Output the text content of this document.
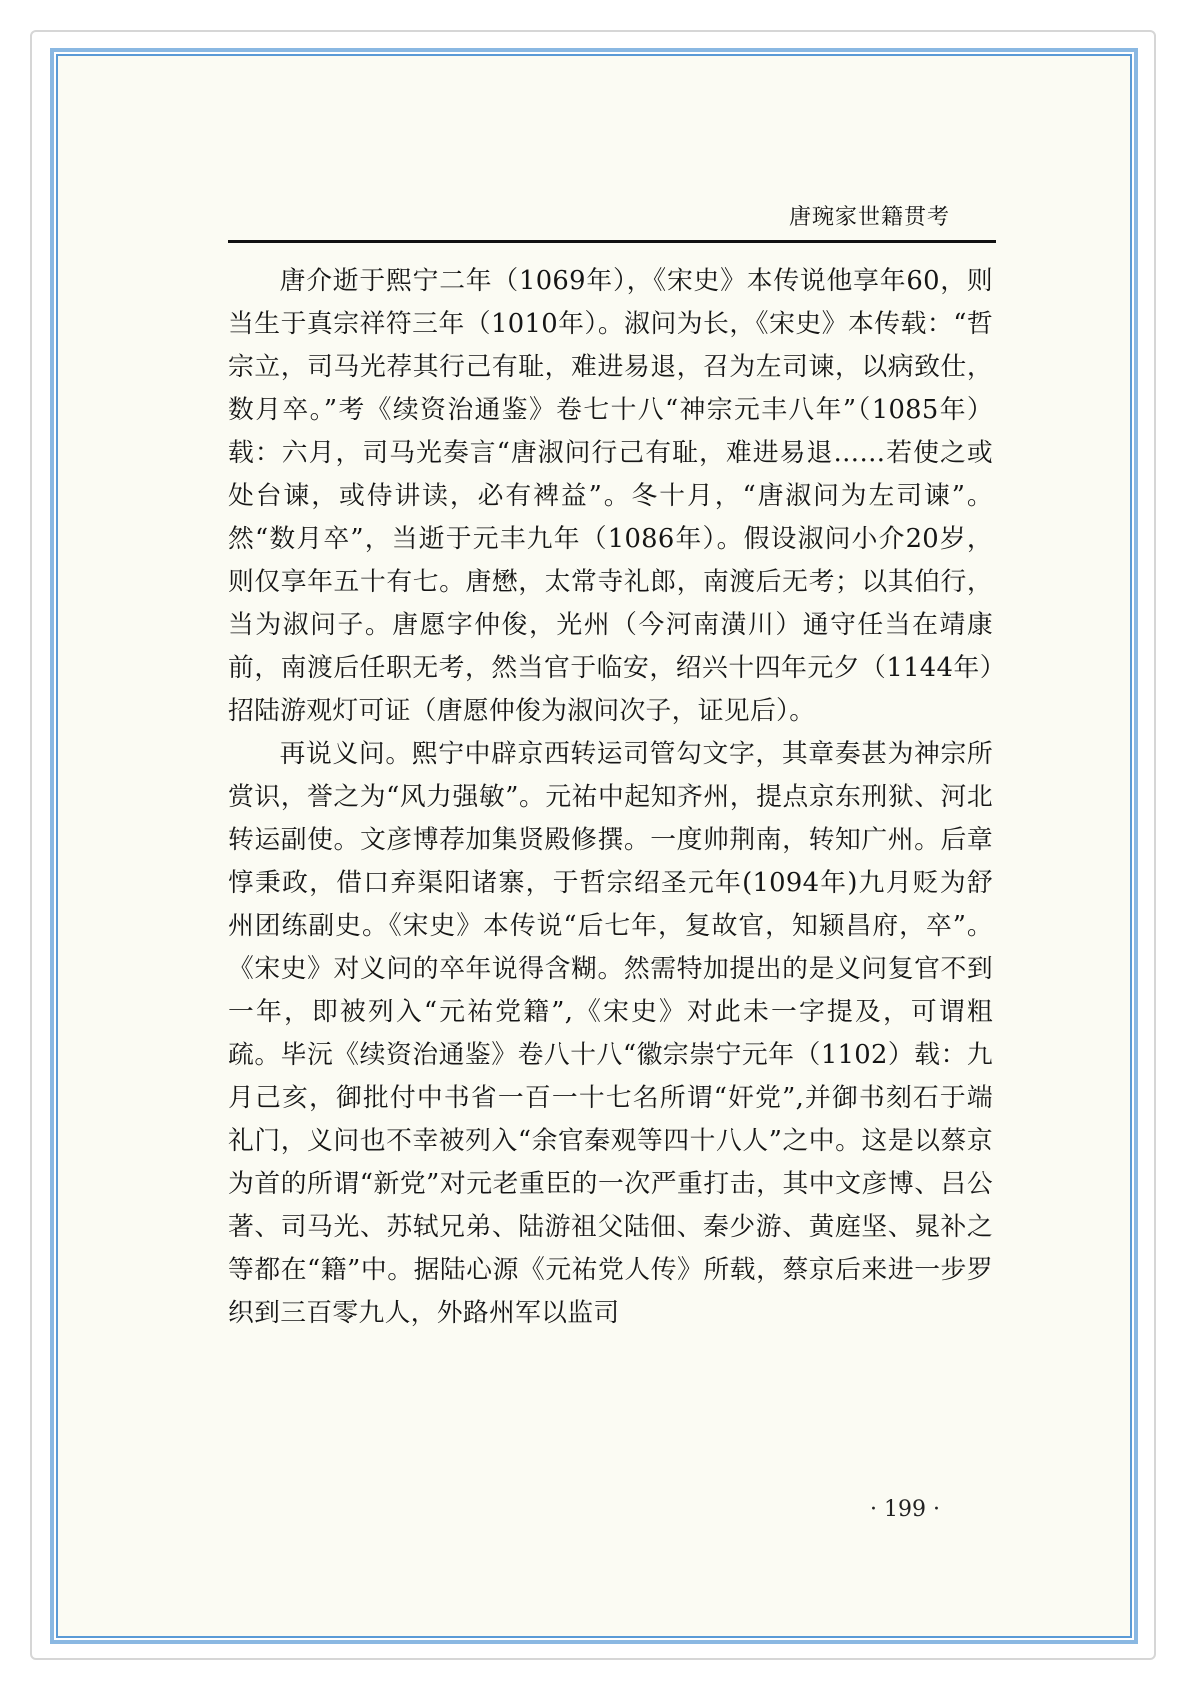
唐琬家世籍贯考

唐介逝于熙宁二年（1069年），《宋史》本传说他享年60，则当生于真宗祥符三年（1010年）。淑问为长，《宋史》本传载：“哲宗立，司马光荐其行己有耻，难进易退，召为左司谏，以病致仕，数月卒。”考《续资治通鉴》卷七十八“神宗元丰八年”（1085年）载：六月，司马光奏言“唐淑问行己有耻，难进易退……若使之或处台谏，或侍讲读，必有裨益”。冬十月，“唐淑问为左司谏”。然“数月卒”，当逝于元丰九年（1086年）。假设淑问小介20岁，则仅享年五十有七。唐懋，太常寺礼郎，南渡后无考；以其伯行，当为淑问子。唐愿字仲俊，光州（今河南潢川）通守任当在靖康前，南渡后任职无考，然当官于临安，绍兴十四年元夕（1144年）招陆游观灯可证（唐愿仲俊为淑问次子，证见后）。

再说义问。熙宁中辟京西转运司管勾文字，其章奏甚为神宗所赏识，誉之为“风力强敏”。元祐中起知齐州，提点京东刑狱、河北转运副使。文彦博荐加集贤殿修撰。一度帅荆南，转知广州。后章惇秉政，借口弃渠阳诸寨，于哲宗绍圣元年(1094年)九月贬为舒州团练副史。《宋史》本传说“后七年，复故官，知颍昌府，卒”。《宋史》对义问的卒年说得含糊。然需特加提出的是义问复官不到一年，即被列入“元祐党籍”,《宋史》对此未一字提及，可谓粗疏。毕沅《续资治通鉴》卷八十八“徽宗崇宁元年（1102）载：九月己亥，御批付中书省一百一十七名所谓“奸党”,并御书刻石于端礼门，义问也不幸被列入“余官秦观等四十八人”之中。这是以蔡京为首的所谓“新党”对元老重臣的一次严重打击，其中文彦博、吕公著、司马光、苏轼兄弟、陆游祖父陆佃、秦少游、黄庭坚、晁补之等都在“籍”中。据陆心源《元祐党人传》所载，蔡京后来进一步罗织到三百零九人，外路州军以监司

· 199 ·
